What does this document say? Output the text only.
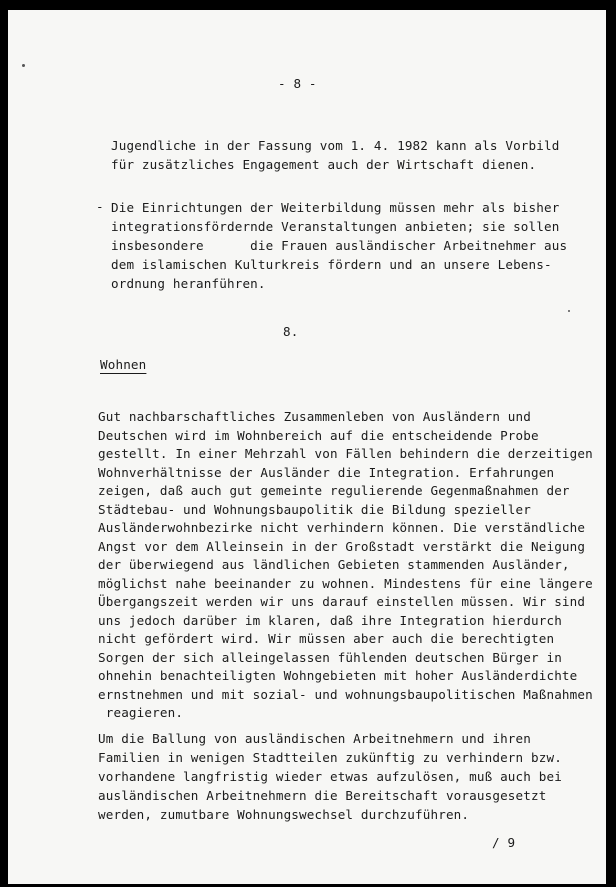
- 8 -

Jugendliche in der Fassung vom 1. 4. 1982 kann als Vorbild

für zusätzliches Engagement auch der Wirtschaft dienen.

-

Die Einrichtungen der Weiterbildung müssen mehr als bisher

integrationsfördernde Veranstaltungen anbieten; sie sollen

insbesondere      die Frauen ausländischer Arbeitnehmer aus

dem islamischen Kulturkreis fördern und an unsere Lebens-

ordnung heranführen.

8.
Wohnen

Gut nachbarschaftliches Zusammenleben von Ausländern und

Deutschen wird im Wohnbereich auf die entscheidende Probe

gestellt. In einer Mehrzahl von Fällen behindern die derzeitigen

Wohnverhältnisse der Ausländer die Integration. Erfahrungen

zeigen, daß auch gut gemeinte regulierende Gegenmaßnahmen der

Städtebau- und Wohnungsbaupolitik die Bildung spezieller

Ausländerwohnbezirke nicht verhindern können. Die verständliche

Angst vor dem Alleinsein in der Großstadt verstärkt die Neigung

der überwiegend aus ländlichen Gebieten stammenden Ausländer,

möglichst nahe beeinander zu wohnen. Mindestens für eine längere

Übergangszeit werden wir uns darauf einstellen müssen. Wir sind

uns jedoch darüber im klaren, daß ihre Integration hierdurch

nicht gefördert wird. Wir müssen aber auch die berechtigten

Sorgen der sich alleingelassen fühlenden deutschen Bürger in

ohnehin benachteiligten Wohngebieten mit hoher Ausländerdichte

ernstnehmen und mit sozial- und wohnungsbaupolitischen Maßnahmen

reagieren.

Um die Ballung von ausländischen Arbeitnehmern und ihren

Familien in wenigen Stadtteilen zukünftig zu verhindern bzw.

vorhandene langfristig wieder etwas aufzulösen, muß auch bei

ausländischen Arbeitnehmern die Bereitschaft vorausgesetzt

werden, zumutbare Wohnungswechsel durchzuführen.

/ 9
